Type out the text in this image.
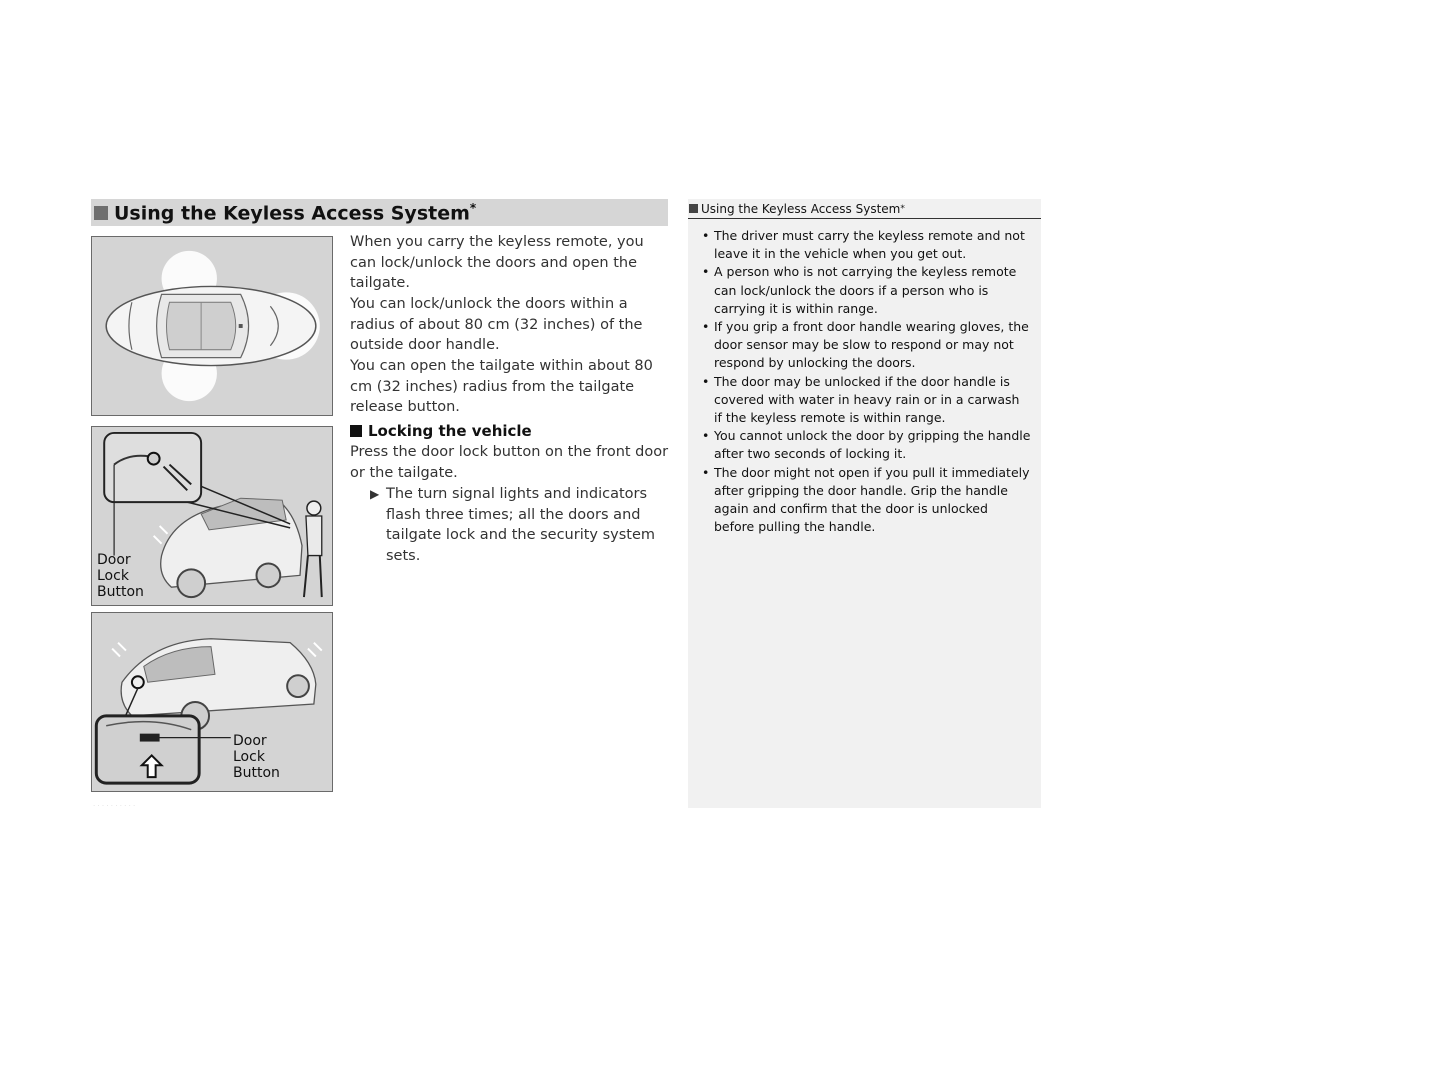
Using the Keyless Access System*
Door
Lock
Button
Door
Lock
Button
When you carry the keyless remote, you can lock/unlock the doors and open the tailgate.
You can lock/unlock the doors within a radius of about 80 cm (32 inches) of the outside door handle.
You can open the tailgate within about 80 cm (32 inches) radius from the tailgate release button.
Locking the vehicle
Press the door lock button on the front door or the tailgate.
▶ The turn signal lights and indicators flash three times; all the doors and tailgate lock and the security system sets.
· · · · · · · · · ·
Using the Keyless Access System *
• The driver must carry the keyless remote and not leave it in the vehicle when you get out.
• A person who is not carrying the keyless remote can lock/unlock the doors if a person who is carrying it is within range.
• If you grip a front door handle wearing gloves, the door sensor may be slow to respond or may not respond by unlocking the doors.
• The door may be unlocked if the door handle is covered with water in heavy rain or in a carwash if the keyless remote is within range.
• You cannot unlock the door by gripping the handle after two seconds of locking it.
• The door might not open if you pull it immediately after gripping the door handle. Grip the handle again and confirm that the door is unlocked before pulling the handle.
